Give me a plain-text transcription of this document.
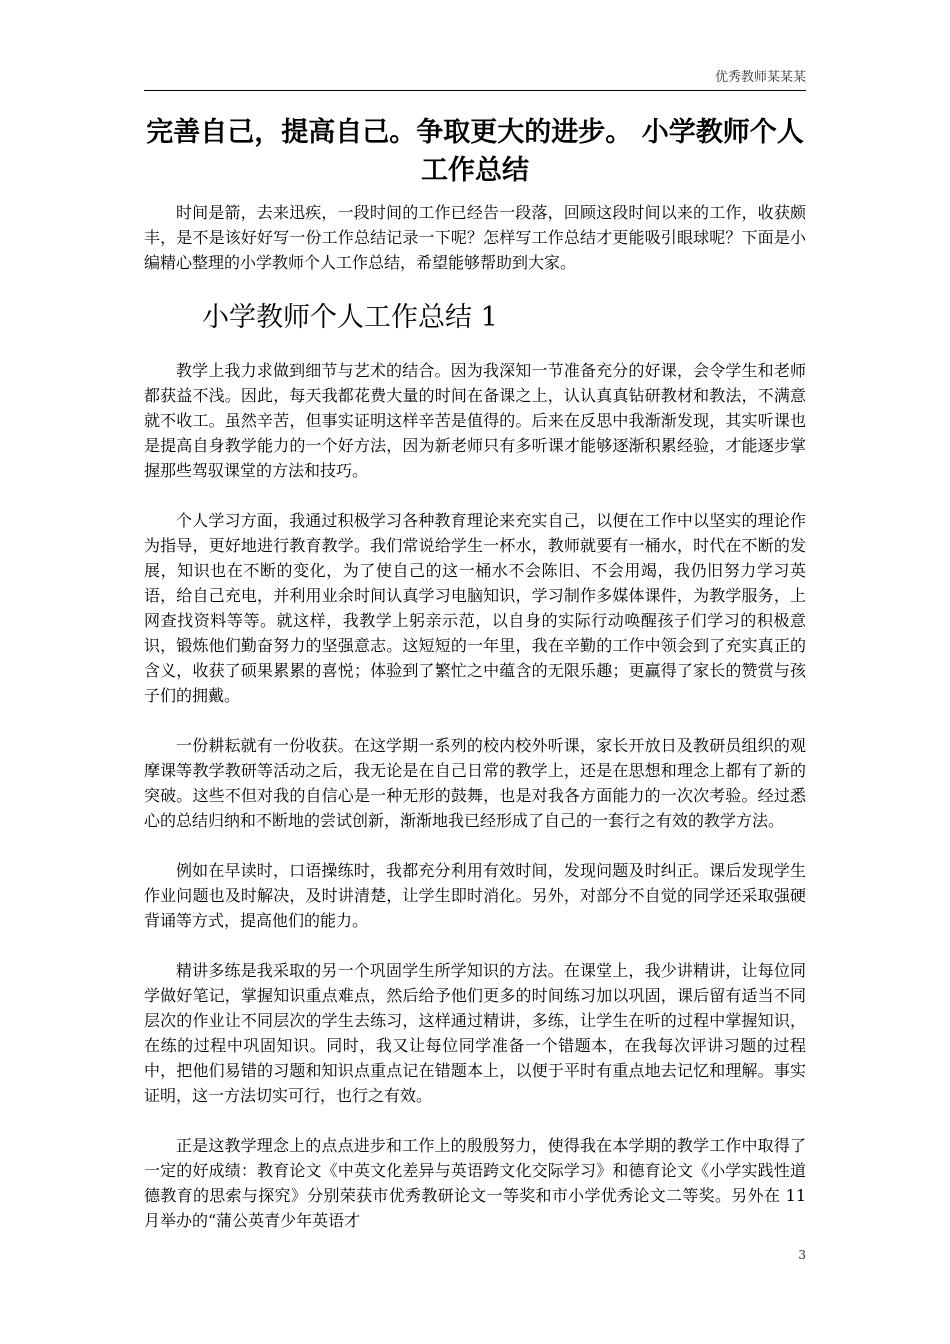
优秀教师某某某
完善自己，提高自己。争取更大的进步。 小学教师个人工作总结

时间是箭，去来迅疾，一段时间的工作已经告一段落，回顾这段时间以来的工作，收获颇丰，是不是该好好写一份工作总结记录一下呢？怎样写工作总结才更能吸引眼球呢？下面是小编精心整理的小学教师个人工作总结，希望能够帮助到大家。

小学教师个人工作总结 1

教学上我力求做到细节与艺术的结合。因为我深知一节准备充分的好课，会令学生和老师都获益不浅。因此，每天我都花费大量的时间在备课之上，认认真真钻研教材和教法，不满意就不收工。虽然辛苦，但事实证明这样辛苦是值得的。后来在反思中我渐渐发现，其实听课也是提高自身教学能力的一个好方法，因为新老师只有多听课才能够逐渐积累经验，才能逐步掌握那些驾驭课堂的方法和技巧。

个人学习方面，我通过积极学习各种教育理论来充实自己，以便在工作中以坚实的理论作为指导，更好地进行教育教学。我们常说给学生一杯水，教师就要有一桶水，时代在不断的发展，知识也在不断的变化，为了使自己的这一桶水不会陈旧、不会用竭，我仍旧努力学习英语，给自己充电，并利用业余时间认真学习电脑知识，学习制作多媒体课件，为教学服务，上网查找资料等等。就这样，我教学上躬亲示范，以自身的实际行动唤醒孩子们学习的积极意识，锻炼他们勤奋努力的坚强意志。这短短的一年里，我在辛勤的工作中领会到了充实真正的含义，收获了硕果累累的喜悦；体验到了繁忙之中蕴含的无限乐趣；更赢得了家长的赞赏与孩子们的拥戴。

一份耕耘就有一份收获。在这学期一系列的校内校外听课，家长开放日及教研员组织的观摩课等教学教研等活动之后，我无论是在自己日常的教学上，还是在思想和理念上都有了新的突破。这些不但对我的自信心是一种无形的鼓舞，也是对我各方面能力的一次次考验。经过悉心的总结归纳和不断地的尝试创新，渐渐地我已经形成了自己的一套行之有效的教学方法。

例如在早读时，口语操练时，我都充分利用有效时间，发现问题及时纠正。课后发现学生作业问题也及时解决，及时讲清楚，让学生即时消化。另外，对部分不自觉的同学还采取强硬背诵等方式，提高他们的能力。

精讲多练是我采取的另一个巩固学生所学知识的方法。在课堂上，我少讲精讲，让每位同学做好笔记，掌握知识重点难点，然后给予他们更多的时间练习加以巩固，课后留有适当不同层次的作业让不同层次的学生去练习，这样通过精讲，多练，让学生在听的过程中掌握知识，在练的过程中巩固知识。同时，我又让每位同学准备一个错题本，在我每次评讲习题的过程中，把他们易错的习题和知识点重点记在错题本上，以便于平时有重点地去记忆和理解。事实证明，这一方法切实可行，也行之有效。

正是这教学理念上的点点进步和工作上的殷殷努力，使得我在本学期的教学工作中取得了一定的好成绩：教育论文《中英文化差异与英语跨文化交际学习》和德育论文《小学实践性道德教育的思索与探究》分别荣获市优秀教研论文一等奖和市小学优秀论文二等奖。另外在 11 月举办的“蒲公英青少年英语才

3
